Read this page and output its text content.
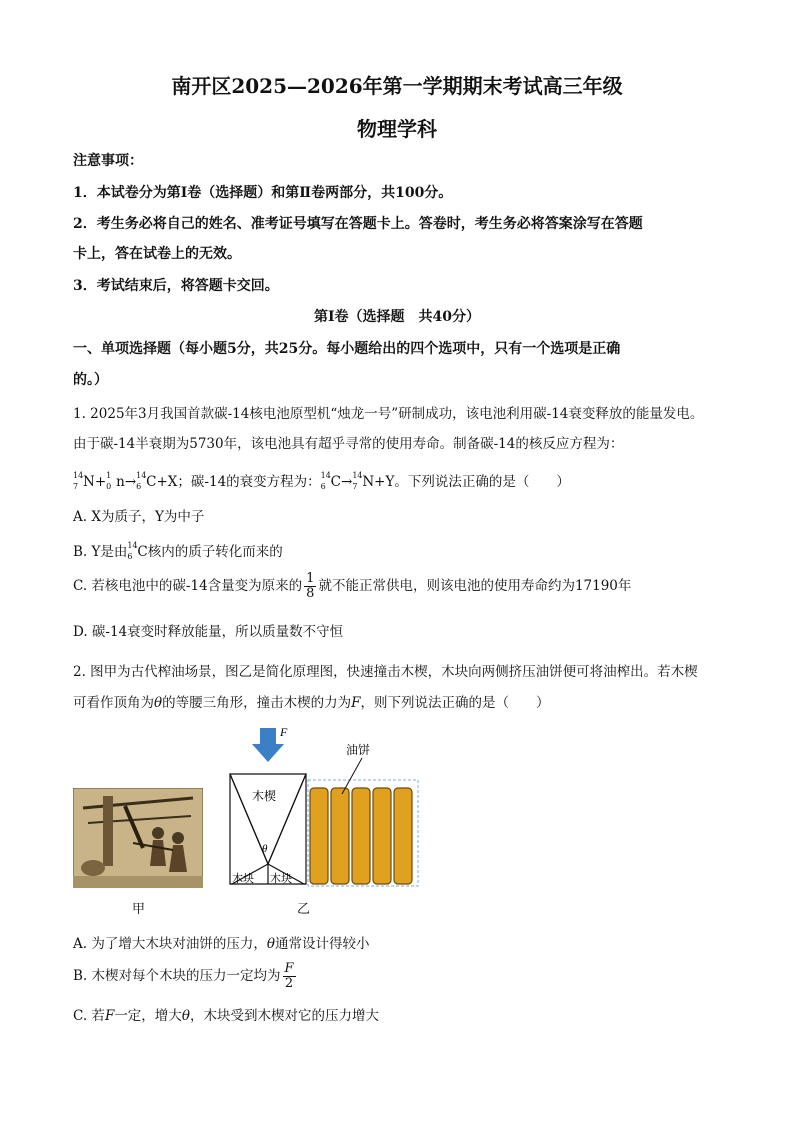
南开区2025—2026年第一学期期末考试高三年级
物理学科
注意事项：
1．本试卷分为第Ⅰ卷（选择题）和第Ⅱ卷两部分，共100分。
2．考生务必将自己的姓名、准考证号填写在答题卡上。答卷时，考生务必将答案涂写在答题
卡上，答在试卷上的无效。
3．考试结束后，将答题卡交回。
第Ⅰ卷（选择题　共40分）
一、单项选择题（每小题5分，共25分。每小题给出的四个选项中，只有一个选项是正确
的。）
1. 2025年3月我国首款碳-14核电池原型机“烛龙一号”研制成功，该电池利用碳-14衰变释放的能量发电。
由于碳-14半衰期为5730年，该电池具有超乎寻常的使用寿命。制备碳-14的核反应方程为：
14
7 N+ 1
0 n→ 14
6 C+X；碳-14的衰变方程为： 14
6 C→ 14
7 N+Y。下列说法正确的是（　　）
A. X为质子，Y为中子
B. Y是由 14
6 C核内的质子转化而来的
C. 若核电池中的碳-14含量变为原来的 $\frac{1}{8}$ 就不能正常供电，则该电池的使用寿命约为17190年
D. 碳-14衰变时释放能量，所以质量数不守恒
2. 图甲为古代榨油场景，图乙是简化原理图，快速撞击木楔，木块向两侧挤压油饼便可将油榨出。若木楔
可看作顶角为θ的等腰三角形，撞击木楔的力为F，则下列说法正确的是（　　）
F
木楔
θ
木块 木块
油饼
甲	乙
A. 为了增大木块对油饼的压力，θ通常设计得较小
B. 木楔对每个木块的压力一定均为 $\frac{F}{2}$
C. 若F一定，增大θ，木块受到木楔对它的压力增大
